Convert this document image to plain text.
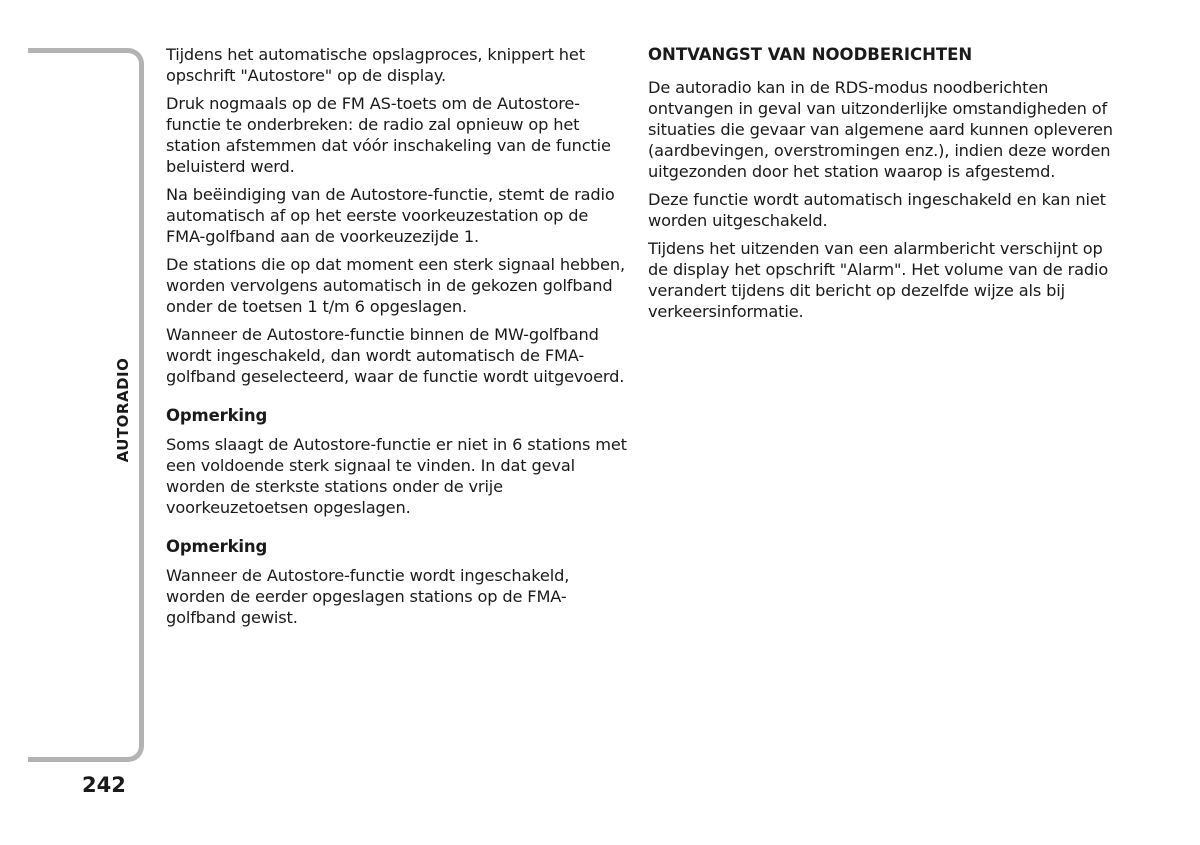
AUTORADIO
242

Tijdens het automatische opslagproces, knippert het opschrift "Autostore" op de display.

Druk nogmaals op de FM AS-toets om de Autostore-functie te onderbreken: de radio zal opnieuw op het station afstemmen dat vóór inschakeling van de functie beluisterd werd.

Na beëindiging van de Autostore-functie, stemt de radio automatisch af op het eerste voorkeuzestation op de FMA-golfband aan de voorkeuzezijde 1.

De stations die op dat moment een sterk signaal hebben, worden vervolgens automatisch in de gekozen golfband onder de toetsen 1 t/m 6 opgeslagen.

Wanneer de Autostore-functie binnen de MW-golfband wordt ingeschakeld, dan wordt automatisch de FMA-golfband geselecteerd, waar de functie wordt uitgevoerd.

Opmerking

Soms slaagt de Autostore-functie er niet in 6 stations met een voldoende sterk signaal te vinden. In dat geval worden de sterkste stations onder de vrije voorkeuzetoetsen opgeslagen.

Opmerking

Wanneer de Autostore-functie wordt ingeschakeld, worden de eerder opgeslagen stations op de FMA-golfband gewist.

ONTVANGST VAN NOODBERICHTEN

De autoradio kan in de RDS-modus noodberichten ontvangen in geval van uitzonderlijke omstandigheden of situaties die gevaar van algemene aard kunnen opleveren (aardbevingen, overstromingen enz.), indien deze worden uitgezonden door het station waarop is afgestemd.

Deze functie wordt automatisch ingeschakeld en kan niet worden uitgeschakeld.

Tijdens het uitzenden van een alarmbericht verschijnt op de display het opschrift "Alarm". Het volume van de radio verandert tijdens dit bericht op dezelfde wijze als bij verkeersinformatie.
